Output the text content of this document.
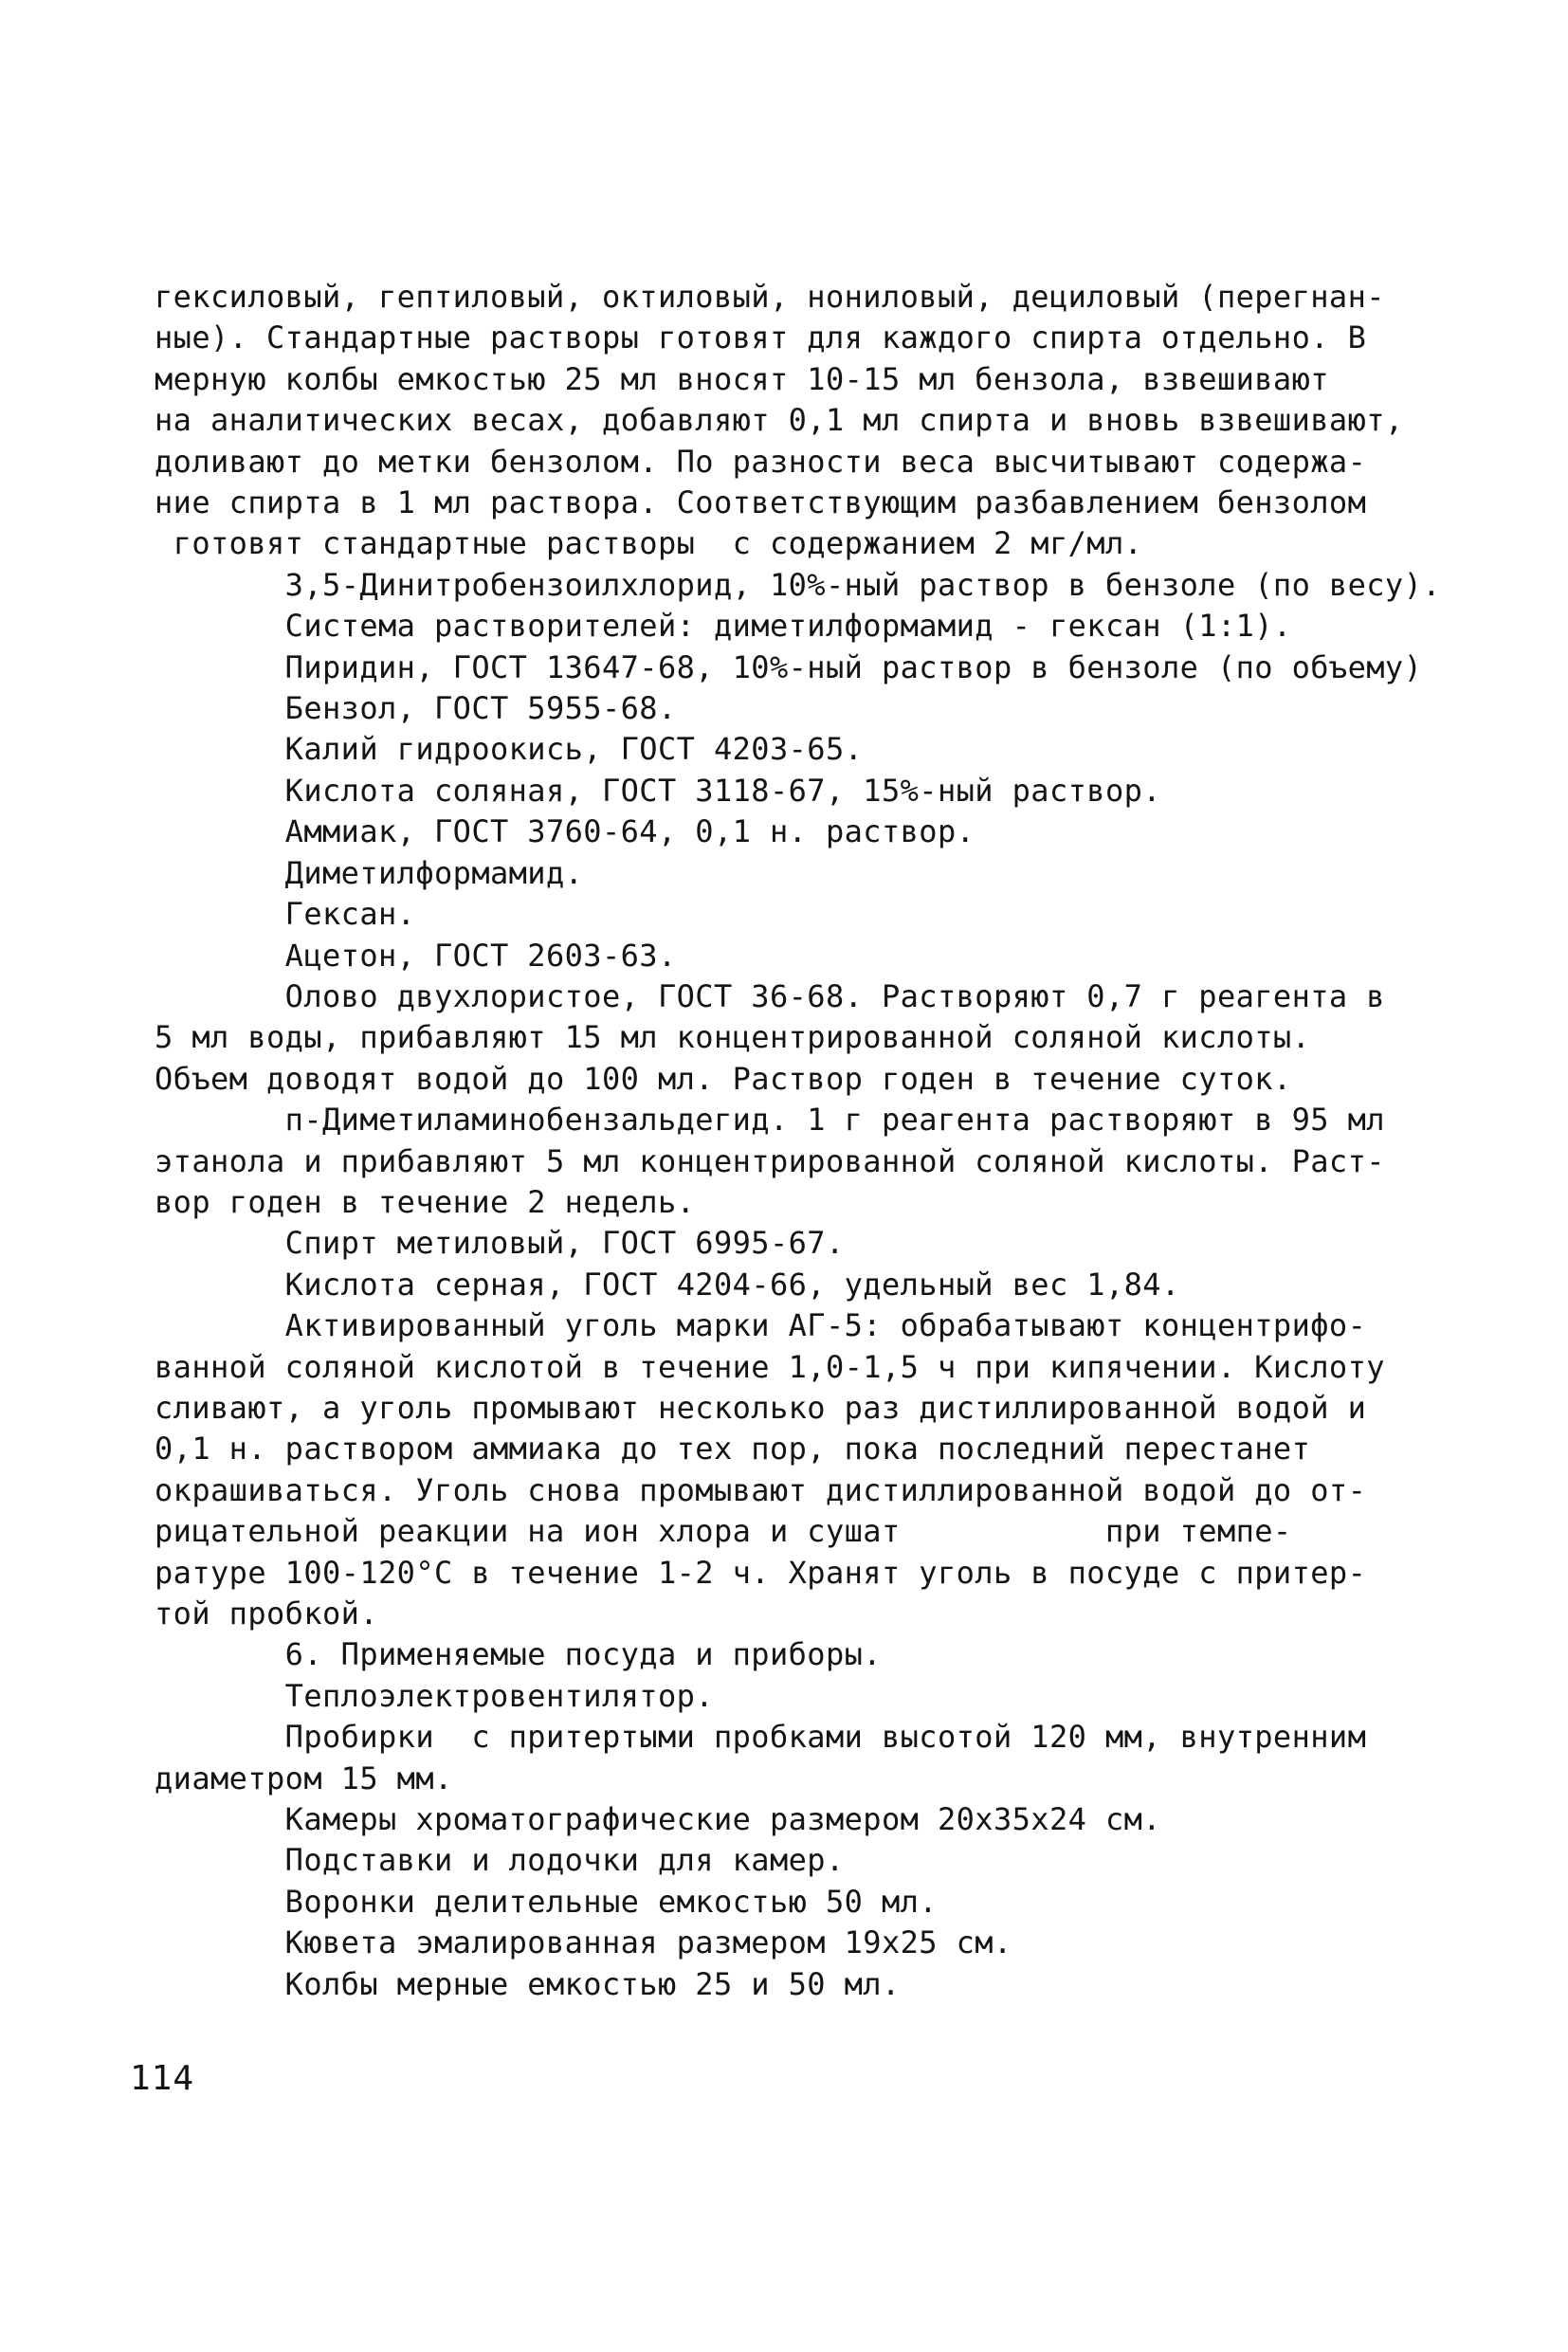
гексиловый, гептиловый, октиловый, нониловый, дециловый (перегнан-
ные). Стандартные растворы готовят для каждого спирта отдельно. В
мерную колбы емкостью 25 мл вносят 10-15 мл бензола, взвешивают
на аналитических весах, добавляют 0,1 мл спирта и вновь взвешивают,
доливают до метки бензолом. По разности веса высчитывают содержа-
ние спирта в 1 мл раствора. Соответствующим разбавлением бензолом
готовят стандартные растворы  с содержанием 2 мг/мл.
3,5-Динитробензоилхлорид, 10%-ный раствор в бензоле (по весу).
Система растворителей: диметилформамид - гексан (1:1).
Пиридин, ГОСТ 13647-68, 10%-ный раствор в бензоле (по объему)
Бензол, ГОСТ 5955-68.
Калий гидроокись, ГОСТ 4203-65.
Кислота соляная, ГОСТ 3118-67, 15%-ный раствор.
Аммиак, ГОСТ 3760-64, 0,1 н. раствор.
Диметилформамид.
Гексан.
Ацетон, ГОСТ 2603-63.
Олово двухлористое, ГОСТ 36-68. Растворяют 0,7 г реагента в
5 мл воды, прибавляют 15 мл концентрированной соляной кислоты.
Объем доводят водой до 100 мл. Раствор годен в течение суток.
п-Диметиламинобензальдегид. 1 г реагента растворяют в 95 мл
этанола и прибавляют 5 мл концентрированной соляной кислоты. Раст-
вор годен в течение 2 недель.
Спирт метиловый, ГОСТ 6995-67.
Кислота серная, ГОСТ 4204-66, удельный вес 1,84.
Активированный уголь марки АГ-5: обрабатывают концентрифо-
ванной соляной кислотой в течение 1,0-1,5 ч при кипячении. Кислоту
сливают, а уголь промывают несколько раз дистиллированной водой и
0,1 н. раствором аммиака до тех пор, пока последний перестанет
окрашиваться. Уголь снова промывают дистиллированной водой до от-
рицательной реакции на ион хлора и сушат           при темпе-
ратуре 100-120°С в течение 1-2 ч. Хранят уголь в посуде с притер-
той пробкой.
6. Применяемые посуда и приборы.
Теплоэлектровентилятор.
Пробирки  с притертыми пробками высотой 120 мм, внутренним
диаметром 15 мм.
Камеры хроматографические размером 20х35х24 см.
Подставки и лодочки для камер.
Воронки делительные емкостью 50 мл.
Кювета эмалированная размером 19х25 см.
Колбы мерные емкостью 25 и 50 мл.
114
